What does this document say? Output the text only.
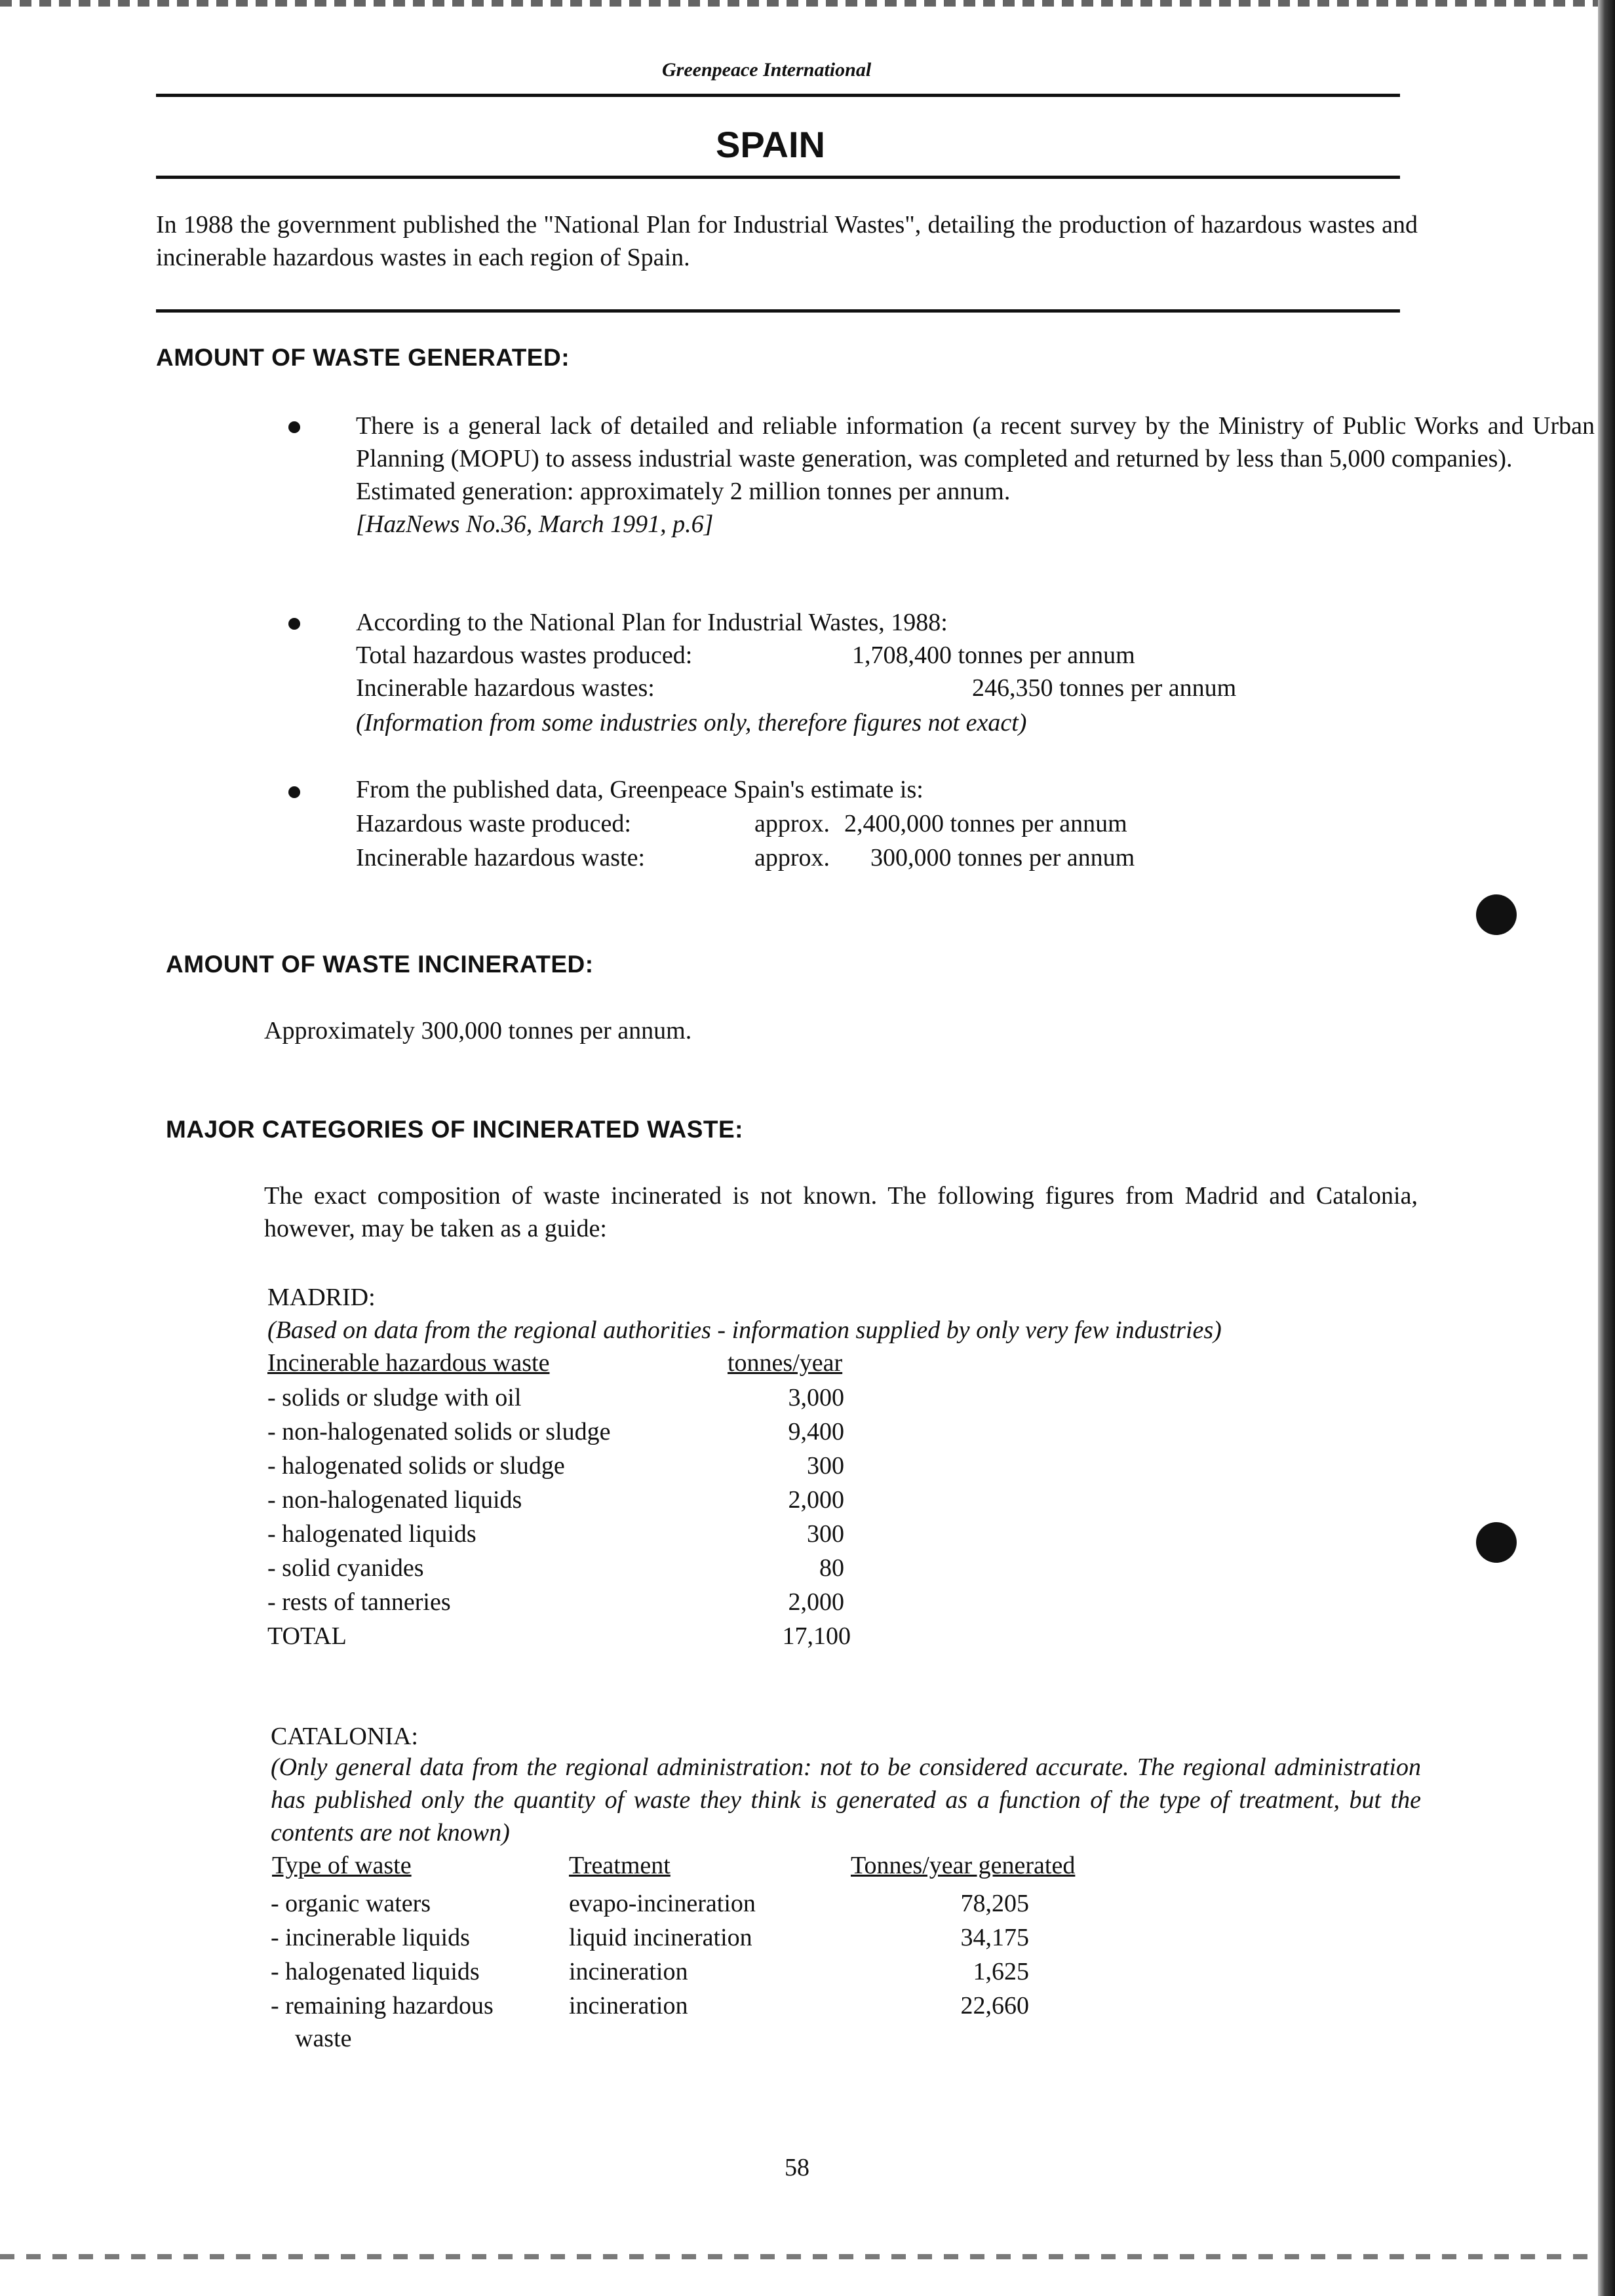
Greenpeace International
SPAIN
In 1988 the government published the "National Plan for Industrial Wastes", detailing the production of hazardous wastes and incinerable hazardous wastes in each region of Spain.
AMOUNT OF WASTE GENERATED:
There is a general lack of detailed and reliable information (a recent survey by the Ministry of Public Works and Urban Planning (MOPU) to assess industrial waste generation, was completed and returned by less than 5,000 companies).
Estimated generation: approximately 2 million tonnes per annum.
[HazNews No.36, March 1991, p.6]
According to the National Plan for Industrial Wastes, 1988:
Total hazardous wastes produced:	1,708,400 tonnes per annum
Incinerable hazardous wastes:	246,350 tonnes per annum
(Information from some industries only, therefore figures not exact)
From the published data, Greenpeace Spain's estimate is:
Hazardous waste produced:	approx. 2,400,000 tonnes per annum
Incinerable hazardous waste:	approx. 300,000 tonnes per annum
AMOUNT OF WASTE INCINERATED:
Approximately 300,000 tonnes per annum.
MAJOR CATEGORIES OF INCINERATED WASTE:
The exact composition of waste incinerated is not known. The following figures from Madrid and Catalonia, however, may be taken as a guide:
MADRID:
(Based on data from the regional authorities - information supplied by only very few industries)
Incinerable hazardous waste	tonnes/year
- solids or sludge with oil	3,000
- non-halogenated solids or sludge	9,400
- halogenated solids or sludge	300
- non-halogenated liquids	2,000
- halogenated liquids	300
- solid cyanides	80
- rests of tanneries	2,000
TOTAL	17,100
CATALONIA:
(Only general data from the regional administration: not to be considered accurate. The regional administration has published only the quantity of waste they think is generated as a function of the type of treatment, but the contents are not known)
Type of waste	Treatment	Tonnes/year generated
- organic waters	evapo-incineration	78,205
- incinerable liquids	liquid incineration	34,175
- halogenated liquids	incineration	1,625
- remaining hazardous	incineration	22,660
waste
58
